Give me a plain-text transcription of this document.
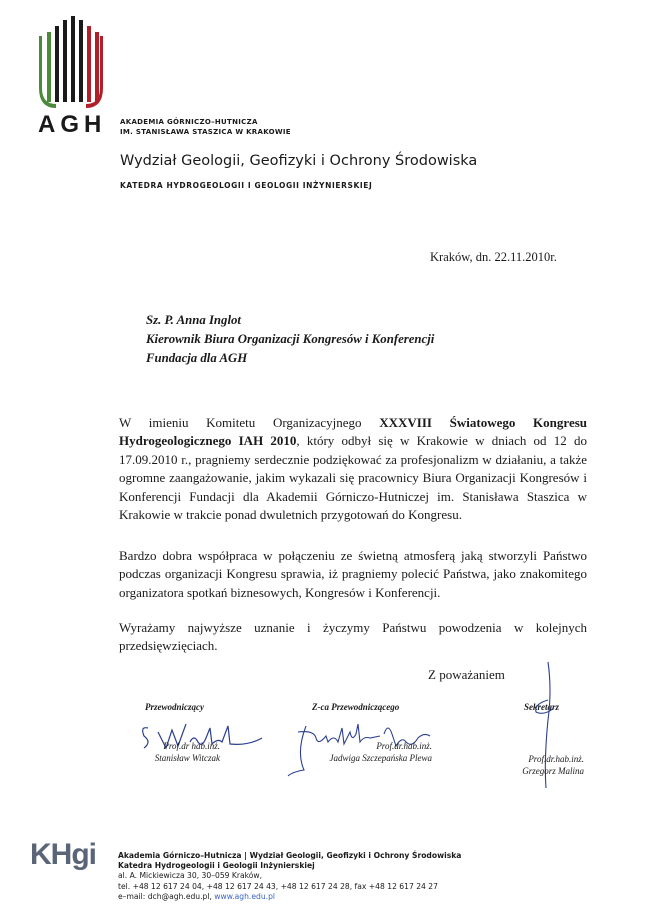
AGH AKADEMIA GÓRNICZO–HUTNICZA
IM. STANISŁAWA STASZICA W KRAKOWIE
Wydział Geologii, Geofizyki i Ochrony Środowiska
KATEDRA HYDROGEOLOGII I GEOLOGII INŻYNIERSKIEJ
Kraków, dn. 22.11.2010r.
Sz. P. Anna Inglot
Kierownik Biura Organizacji Kongresów i Konferencji
Fundacja dla AGH
W imieniu Komitetu Organizacyjnego XXXVIII Światowego Kongresu Hydrogeologicznego IAH 2010, który odbył się w Krakowie w dniach od 12 do 17.09.2010 r., pragniemy serdecznie podziękować za profesjonalizm w działaniu, a także ogromne zaangażowanie, jakim wykazali się pracownicy Biura Organizacji Kongresów i Konferencji Fundacji dla Akademii Górniczo-Hutniczej im. Stanisława Staszica w Krakowie w trakcie ponad dwuletnich przygotowań do Kongresu.
Bardzo dobra współpraca w połączeniu ze świetną atmosferą jaką stworzyli Państwo podczas organizacji Kongresu sprawia, iż pragniemy polecić Państwa, jako znakomitego organizatora spotkań biznesowych, Kongresów i Konferencji.
Wyrażamy najwyższe uznanie i życzymy Państwu powodzenia w kolejnych przedsięwzięciach.
Z poważaniem
Przewodniczący
Prof.dr hab.inż.
Stanisław Witczak
Z-ca Przewodniczącego
Prof.dr.hab.inż.
Jadwiga Szczepańska Plewa
Sekretarz
Prof.dr.hab.inż.
Grzegorz Malina
KHgi	Akademia Górniczo–Hutnicza | Wydział Geologii, Geofizyki i Ochrony Środowiska
Katedra Hydrogeologii i Geologii Inżynierskiej
al. A. Mickiewicza 30, 30–059 Kraków,
tel. +48 12 617 24 04, +48 12 617 24 43, +48 12 617 24 28, fax +48 12 617 24 27
e–mail: dch@agh.edu.pl, www.agh.edu.pl
